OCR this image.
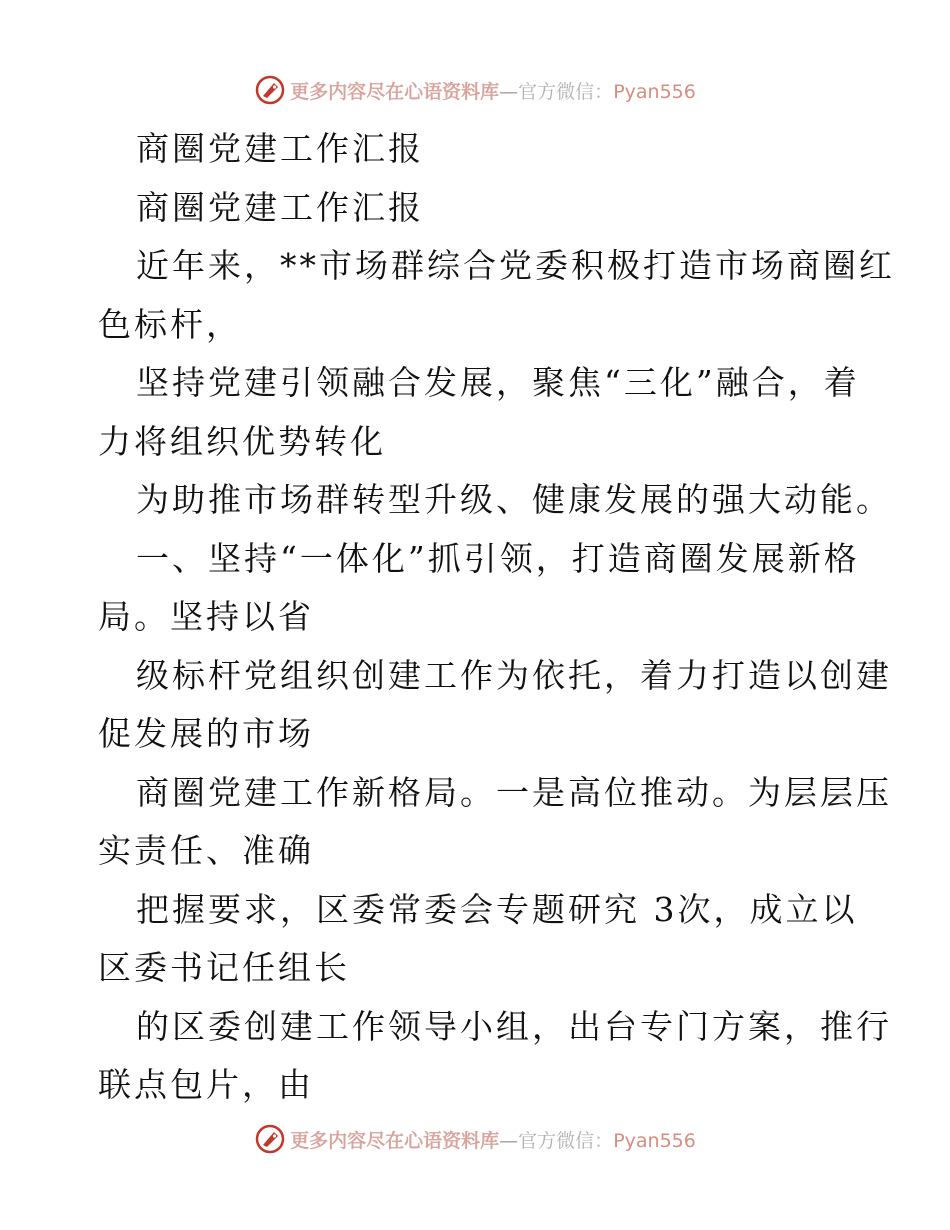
更多内容尽在心语资料库—官方微信：Pyan556
商圈党建工作汇报
商圈党建工作汇报
近年来，**市场群综合党委积极打造市场商圈红
色标杆，
坚持党建引领融合发展，聚焦“三化”融合，着
力将组织优势转化
为助推市场群转型升级、健康发展的强大动能。
一、坚持“一体化”抓引领，打造商圈发展新格
局。坚持以省
级标杆党组织创建工作为依托，着力打造以创建
促发展的市场
商圈党建工作新格局。一是高位推动。为层层压
实责任、准确
把握要求，区委常委会专题研究 3次，成立以
区委书记任组长
的区委创建工作领导小组，出台专门方案，推行
联点包片，由
更多内容尽在心语资料库—官方微信：Pyan556
